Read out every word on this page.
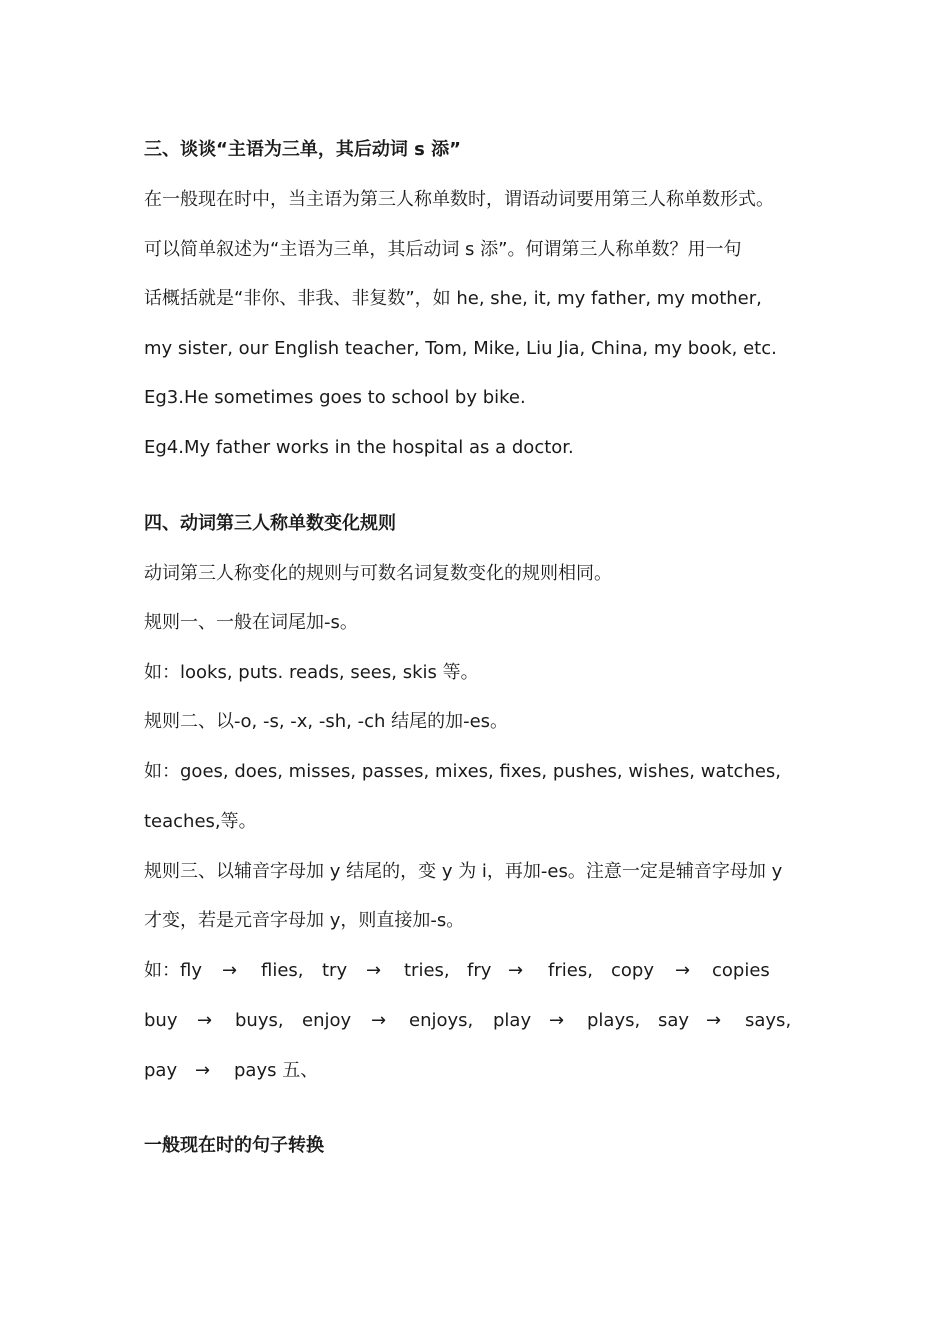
三、谈谈“主语为三单，其后动词 s 添”
在一般现在时中，当主语为第三人称单数时，谓语动词要用第三人称单数形式。
可以简单叙述为“主语为三单，其后动词 s 添”。何谓第三人称单数？用一句
话概括就是“非你、非我、非复数”，如 he, she, it, my father, my mother,
my sister, our English teacher, Tom, Mike, Liu Jia, China, my book, etc.
Eg3.He sometimes goes to school by bike.
Eg4.My father works in the hospital as a doctor.
四、动词第三人称单数变化规则
动词第三人称变化的规则与可数名词复数变化的规则相同。
规则一、一般在词尾加-s。
如：looks, puts. reads, sees, skis 等。
规则二、以-o, -s, -x, -sh, -ch 结尾的加-es。
如：goes, does, misses, passes, mixes, fixes, pushes, wishes, watches,
teaches,等。
规则三、以辅音字母加 y 结尾的，变 y 为 i，再加-es。注意一定是辅音字母加 y
才变，若是元音字母加 y，则直接加-s。
如：fly → flies, try → tries, fry → fries, copy → copies
buy → buys, enjoy → enjoys, play → plays, say → says,
pay → pays 五、
一般现在时的句子转换
